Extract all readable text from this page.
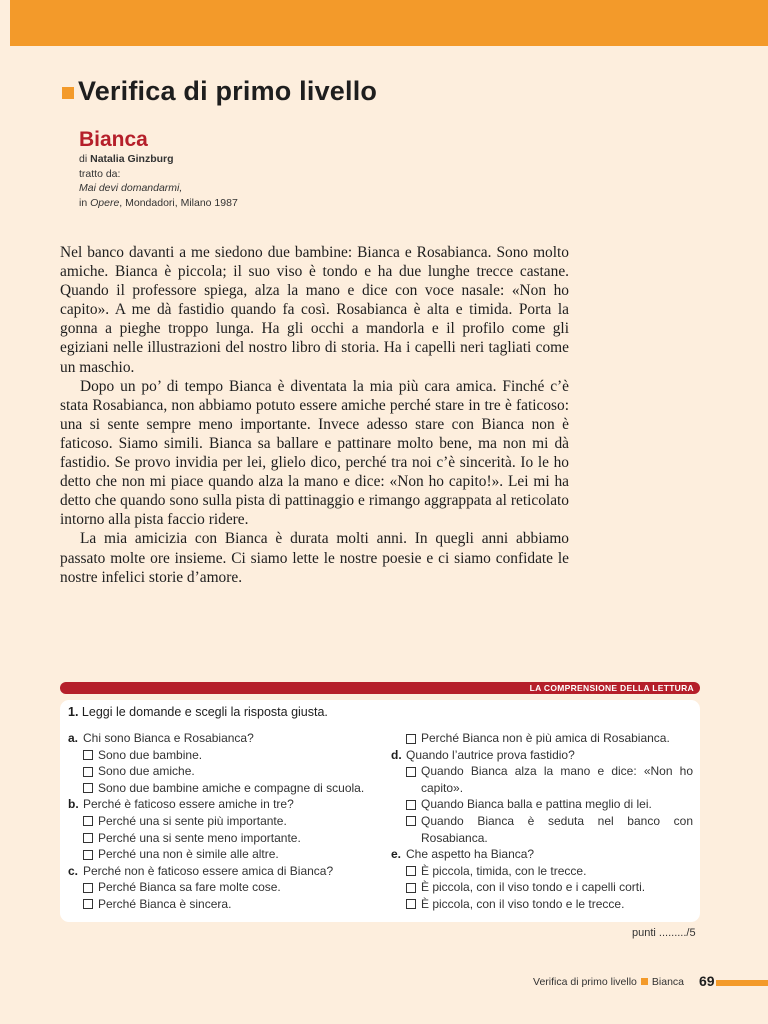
Verifica di primo livello
Bianca
di Natalia Ginzburg
tratto da:
Mai devi domandarmi,
in Opere, Mondadori, Milano 1987

Nel banco davanti a me siedono due bambine: Bianca e Rosabianca. Sono molto amiche. Bianca è piccola; il suo viso è tondo e ha due lunghe trecce castane. Quando il professore spiega, alza la mano e dice con voce nasale: «Non ho capito». A me dà fastidio quando fa così. Rosabianca è alta e timida. Porta la gonna a pieghe troppo lunga. Ha gli occhi a mandorla e il profilo come gli egiziani nelle illustrazioni del nostro libro di storia. Ha i capelli neri tagliati come un maschio.

Dopo un po’ di tempo Bianca è diventata la mia più cara amica. Finché c’è stata Rosabianca, non abbiamo potuto essere amiche perché stare in tre è faticoso: una si sente sempre meno importante. Invece adesso stare con Bianca non è faticoso. Siamo simili. Bianca sa ballare e pattinare molto bene, ma non mi dà fastidio. Se provo invidia per lei, glielo dico, perché tra noi c’è sincerità. Io le ho detto che non mi piace quando alza la mano e dice: «Non ho capito!». Lei mi ha detto che quando sono sulla pista di pattinaggio e rimango aggrappata al reticolato intorno alla pista faccio ridere.

La mia amicizia con Bianca è durata molti anni. In quegli anni abbiamo passato molte ore insieme. Ci siamo lette le nostre poesie e ci siamo confidate le nostre infelici storie d’amore.

LA COMPRENSIONE DELLA LETTURA
1. Leggi le domande e scegli la risposta giusta.
a. Chi sono Bianca e Rosabianca?
Sono due bambine.
Sono due amiche.
Sono due bambine amiche e compagne di scuola.
b. Perché è faticoso essere amiche in tre?
Perché una si sente più importante.
Perché una si sente meno importante.
Perché una non è simile alle altre.
c. Perché non è faticoso essere amica di Bianca?
Perché Bianca sa fare molte cose.
Perché Bianca è sincera.
Perché Bianca non è più amica di Rosabianca.
d. Quando l’autrice prova fastidio?
Quando Bianca alza la mano e dice: «Non ho capito».
Quando Bianca balla e pattina meglio di lei.
Quando Bianca è seduta nel banco con Rosabianca.
e. Che aspetto ha Bianca?
È piccola, timida, con le trecce.
È piccola, con il viso tondo e i capelli corti.
È piccola, con il viso tondo e le trecce.
punti ........./5
Verifica di primo livello Bianca 69
